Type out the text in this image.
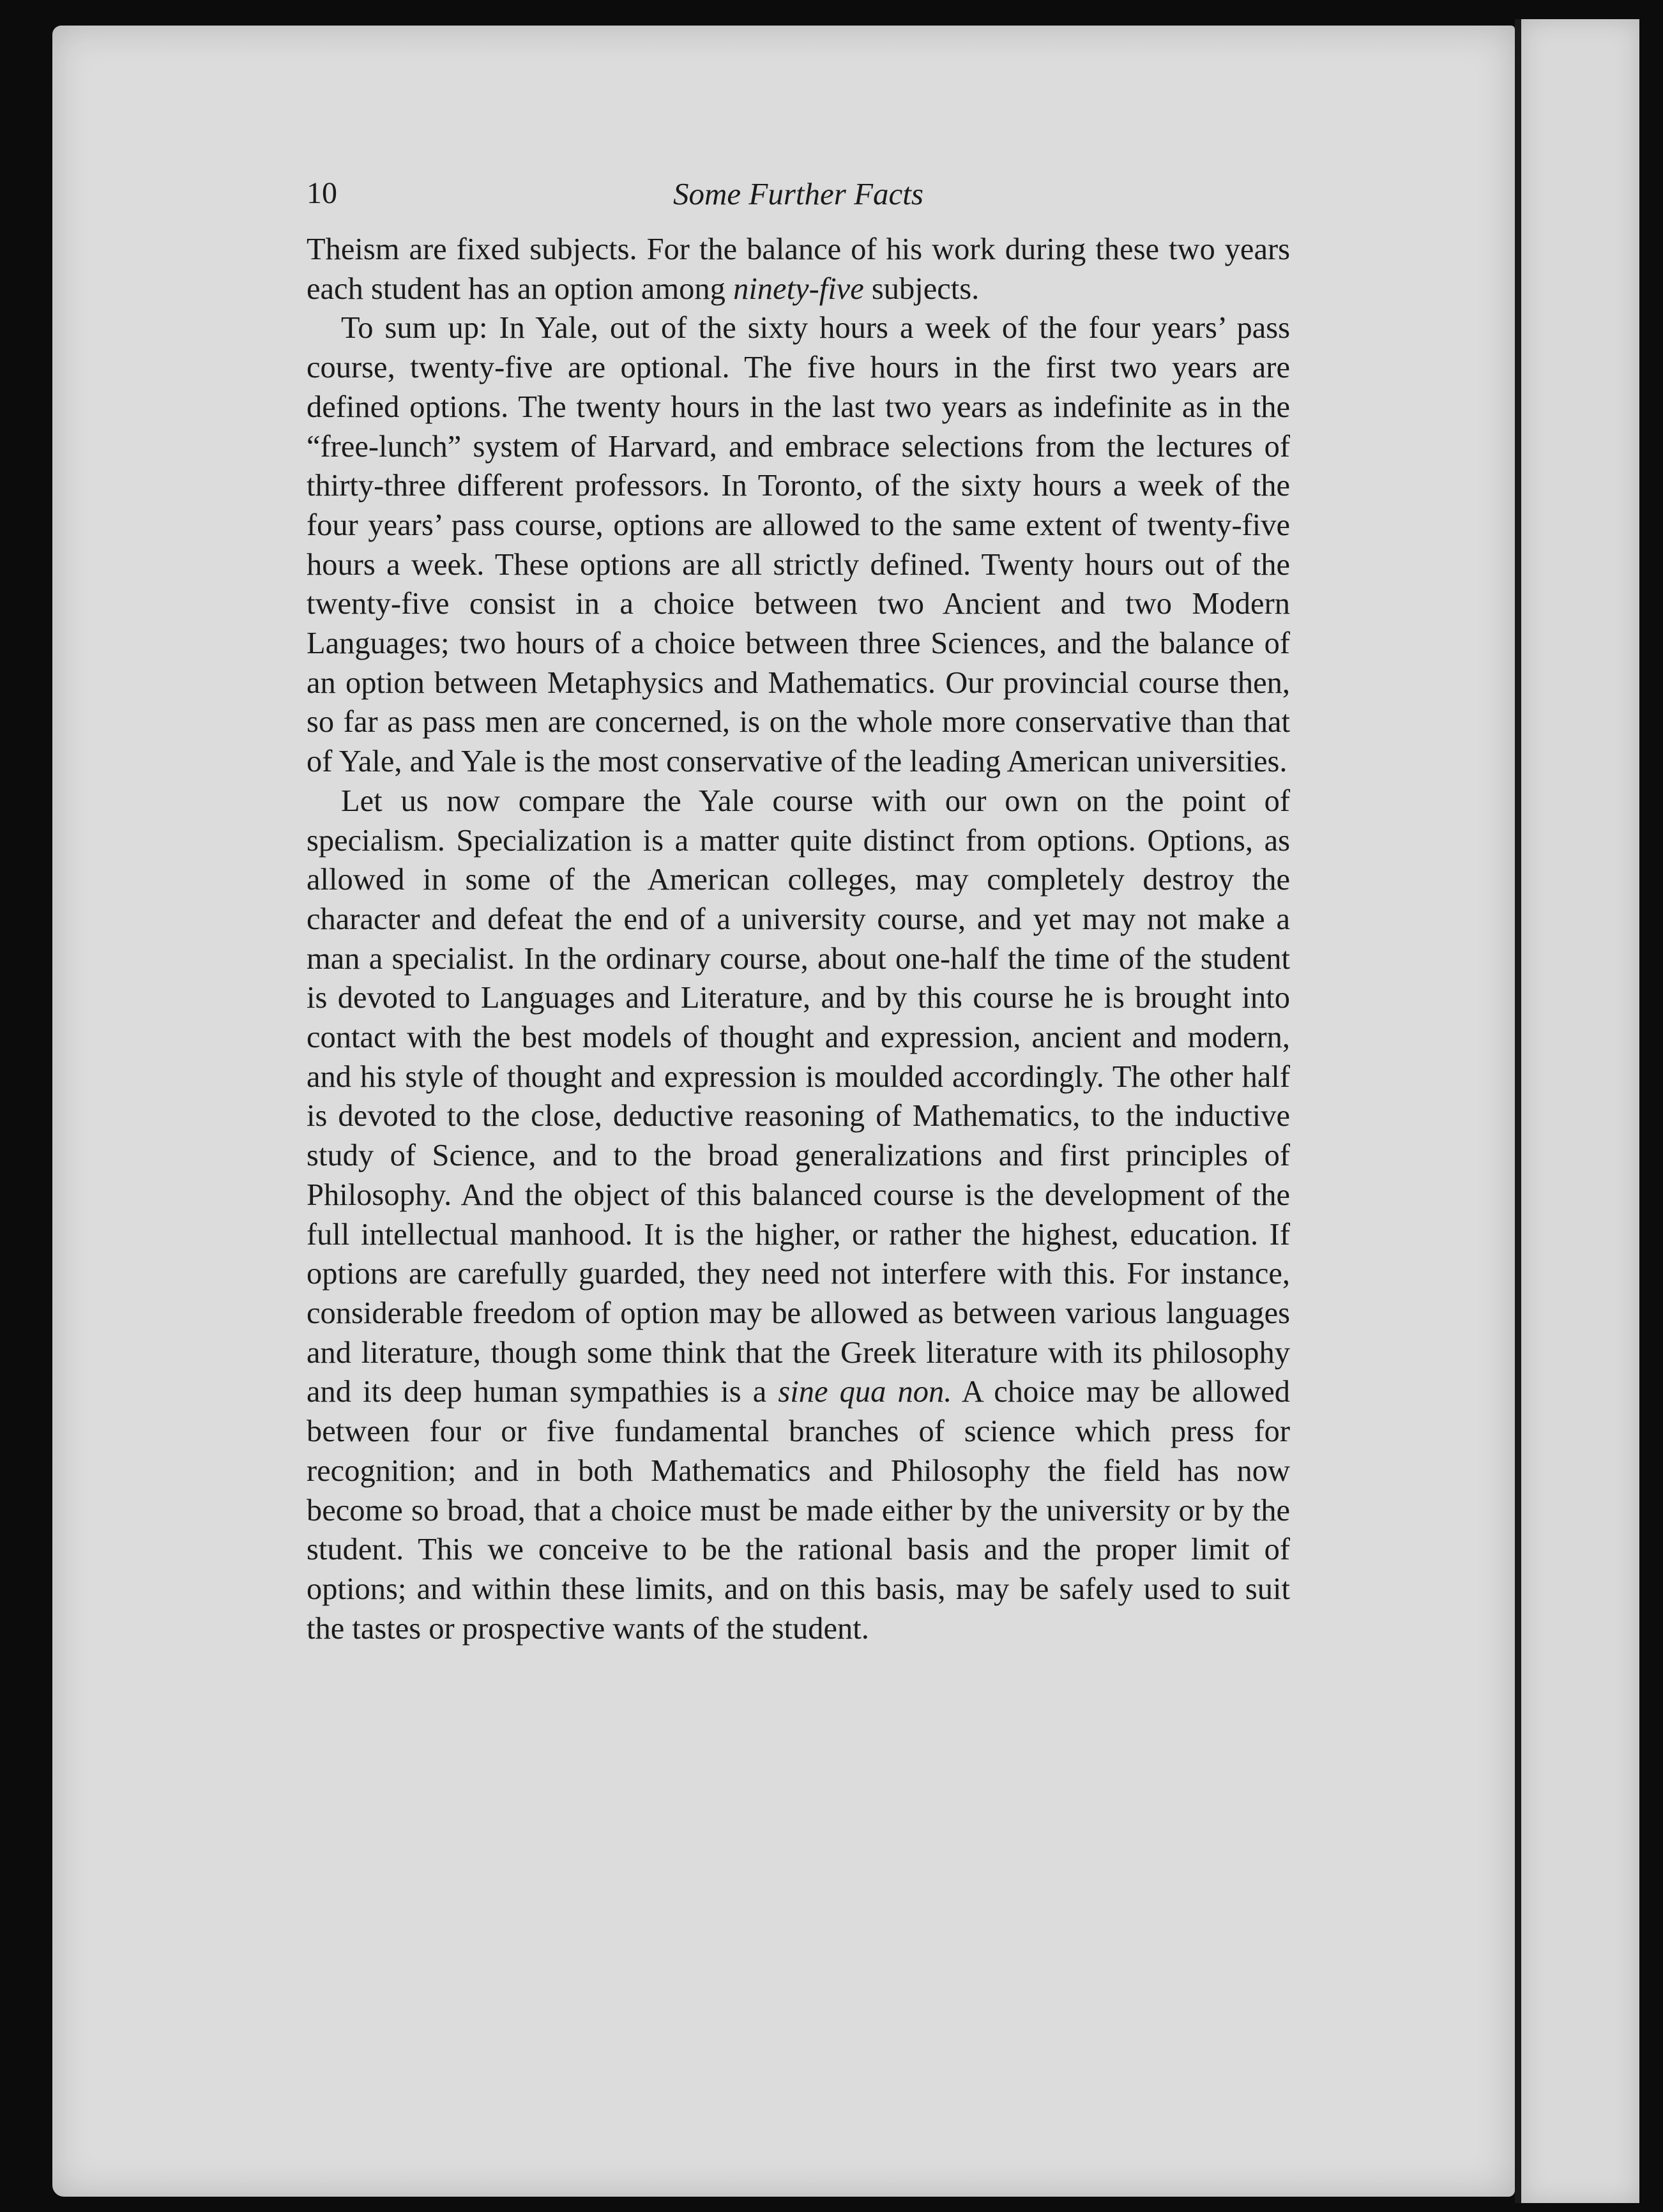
10	Some Further Facts

Theism are fixed subjects. For the balance of his work during these two years each student has an option among ninety-five subjects.

To sum up: In Yale, out of the sixty hours a week of the four years’ pass course, twenty-five are optional. The five hours in the first two years are defined options. The twenty hours in the last two years as indefinite as in the “free-lunch” system of Harvard, and embrace selections from the lectures of thirty-three different professors. In Toronto, of the sixty hours a week of the four years’ pass course, options are allowed to the same extent of twenty-five hours a week. These options are all strictly defined. Twenty hours out of the twenty-five consist in a choice between two Ancient and two Modern Languages; two hours of a choice between three Sciences, and the balance of an option between Metaphysics and Mathematics. Our provincial course then, so far as pass men are concerned, is on the whole more conservative than that of Yale, and Yale is the most conservative of the leading American universities.

Let us now compare the Yale course with our own on the point of specialism. Specialization is a matter quite distinct from options. Options, as allowed in some of the American colleges, may completely destroy the character and defeat the end of a university course, and yet may not make a man a specialist. In the ordinary course, about one-half the time of the student is devoted to Languages and Literature, and by this course he is brought into contact with the best models of thought and expression, ancient and modern, and his style of thought and expression is moulded accordingly. The other half is devoted to the close, deductive reasoning of Mathematics, to the inductive study of Science, and to the broad generalizations and first principles of Philosophy. And the object of this balanced course is the development of the full intellectual manhood. It is the higher, or rather the highest, education. If options are carefully guarded, they need not interfere with this. For instance, considerable freedom of option may be allowed as between various languages and literature, though some think that the Greek literature with its philosophy and its deep human sympathies is a sine qua non. A choice may be allowed between four or five fundamental branches of science which press for recognition; and in both Mathematics and Philosophy the field has now become so broad, that a choice must be made either by the university or by the student. This we conceive to be the rational basis and the proper limit of options; and within these limits, and on this basis, may be safely used to suit the tastes or prospective wants of the student.
